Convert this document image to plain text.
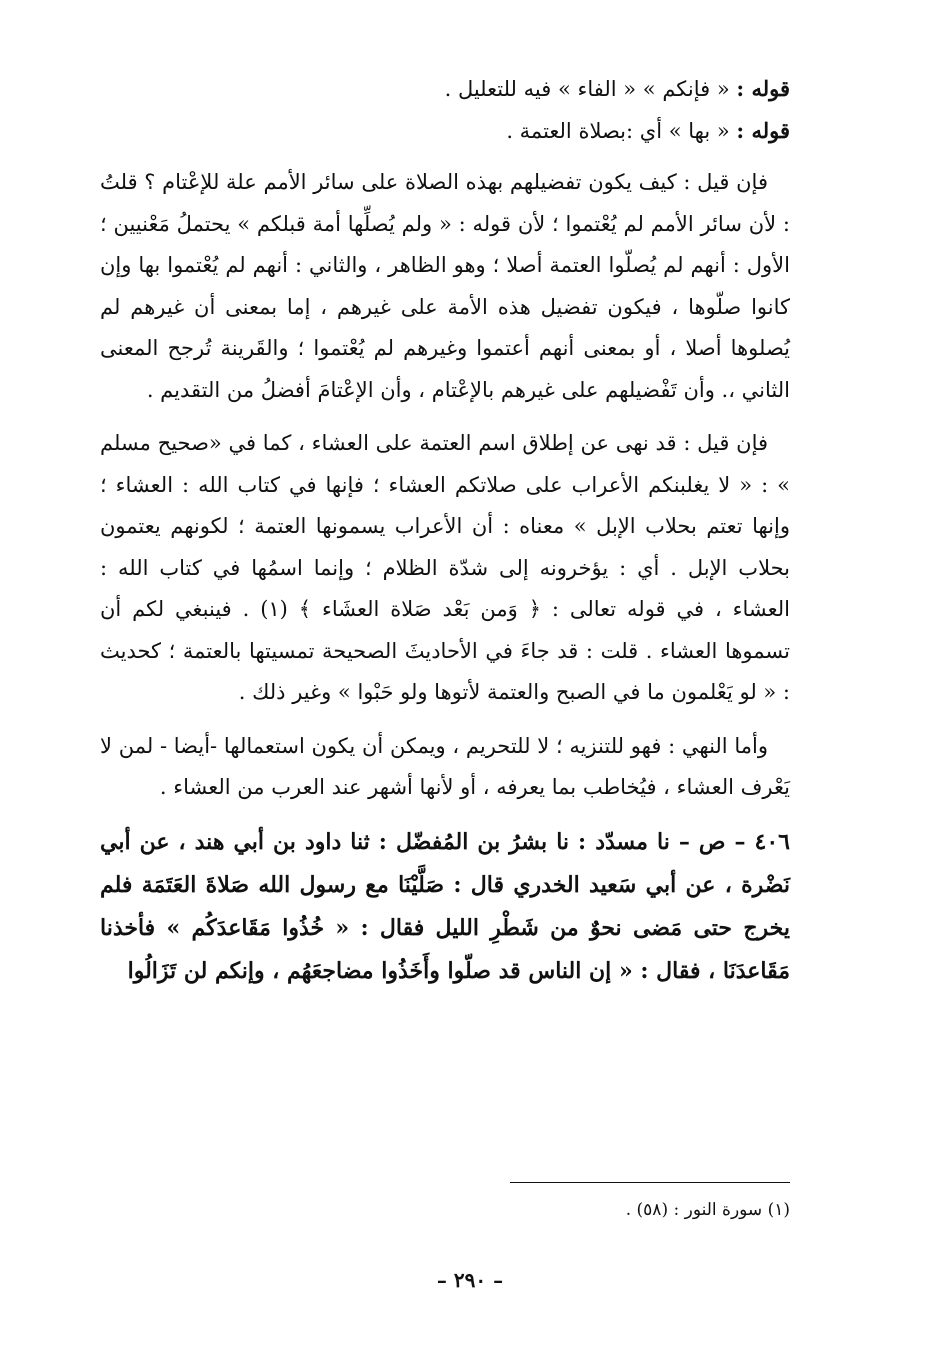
قوله : « فإنكم » « الفاء » فيه للتعليل .

قوله : « بها » أي :بصلاة العتمة .

فإن قيل : كيف يكون تفضيلهم بهذه الصلاة على سائر الأمم علة للإعْتام ؟ قلتُ : لأن سائر الأمم لم يُعْتموا ؛ لأن قوله : « ولم يُصلِّها أمة قبلكم » يحتملُ مَعْنيين ؛ الأول : أنهم لم يُصلّوا العتمة أصلا ؛ وهو الظاهر ، والثاني : أنهم لم يُعْتموا بها وإن كانوا صلّوها ، فيكون تفضيل هذه الأمة على غيرهم ، إما بمعنى أن غيرهم لم يُصلوها أصلا ، أو بمعنى أنهم أعتموا وغيرهم لم يُعْتموا ؛ والقَرينة تُرجح المعنى الثاني ،. وأن تَفْضيلهم على غيرهم بالإعْتام ، وأن الإعْتامَ أفضلُ من التقديم .

فإن قيل : قد نهى عن إطلاق اسم العتمة على العشاء ، كما في «صحيح مسلم » : « لا يغلبنكم الأعراب على صلاتكم العشاء ؛ فإنها في كتاب الله : العشاء ؛ وإنها تعتم بحلاب الإبل » معناه : أن الأعراب يسمونها العتمة ؛ لكونهم يعتمون بحلاب الإبل . أي : يؤخرونه إلى شدّة الظلام ؛ وإنما اسمُها في كتاب الله : العشاء ، في قوله تعالى : ﴿ وَمن بَعْد صَلاة العشَاء ﴾ (١) . فينبغي لكم أن تسموها العشاء . قلت : قد جاءَ في الأحاديثَ الصحيحة تمسيتها بالعتمة ؛ كحديث : « لو يَعْلمون ما في الصبح والعتمة لأتوها ولو حَبْوا » وغير ذلك .

وأما النهي : فهو للتنزيه ؛ لا للتحريم ، ويمكن أن يكون استعمالها -أيضا - لمن لا يَعْرف العشاء ، فيُخاطب بما يعرفه ، أو لأنها أشهر عند العرب من العشاء .

٤٠٦ – ص – نا مسدّد : نا بشرُ بن المُفضّل : ثنا داود بن أبي هند ، عن أبي نَضْرة ، عن أبي سَعيد الخدري قال : صَلَّيْنَا مع رسول الله صَلاةَ العَتَمَة فلم يخرج حتى مَضى نحوٌ من شَطْرِ الليل فقال : « خُذُوا مَقَاعدَكُم » فأخذنا مَقَاعدَنَا ، فقال : « إن الناس قد صلّوا وأَخَذُوا مضاجعَهُم ، وإنكم لن تَزَالُوا

(١) سورة النور : (٥٨) .
– ٢٩٠ –
